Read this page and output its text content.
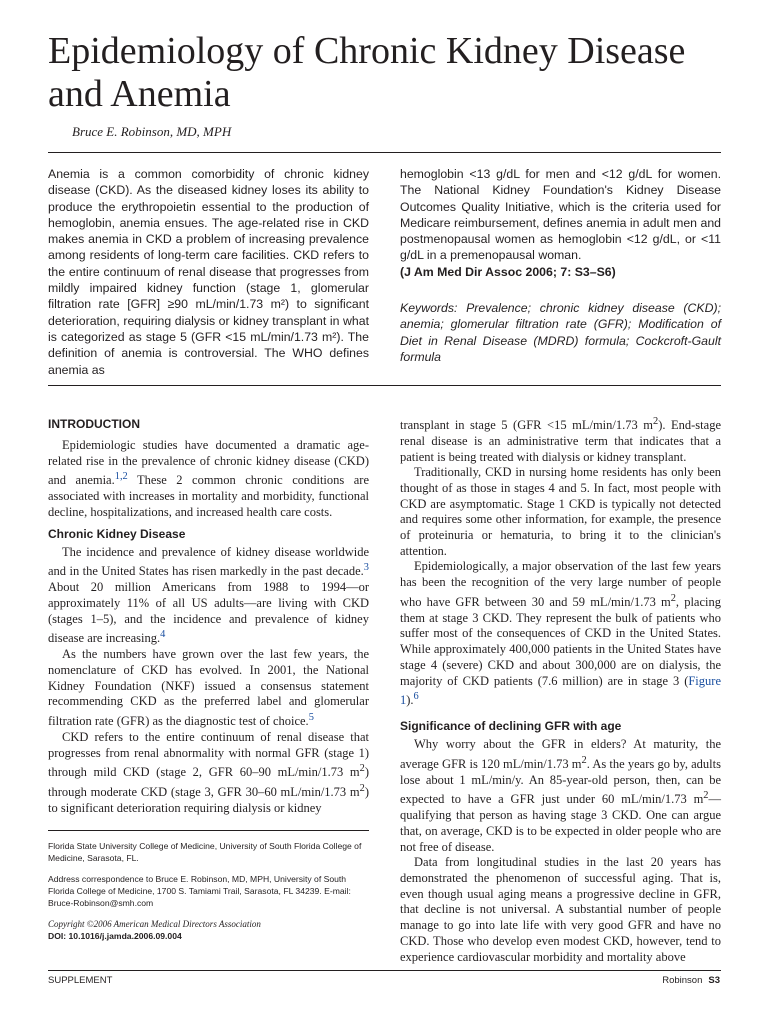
Epidemiology of Chronic Kidney Disease and Anemia
Bruce E. Robinson, MD, MPH

Anemia is a common comorbidity of chronic kidney disease (CKD). As the diseased kidney loses its ability to produce the erythropoietin essential to the production of hemoglobin, anemia ensues. The age-related rise in CKD makes anemia in CKD a problem of increasing prevalence among residents of long-term care facilities. CKD refers to the entire continuum of renal disease that progresses from mildly impaired kidney function (stage 1, glomerular filtration rate [GFR] ≥90 mL/min/1.73 m²) to significant deterioration, requiring dialysis or kidney transplant in what is categorized as stage 5 (GFR <15 mL/min/1.73 m²). The definition of anemia is controversial. The WHO defines anemia as

hemoglobin <13 g/dL for men and <12 g/dL for women. The National Kidney Foundation's Kidney Disease Outcomes Quality Initiative, which is the criteria used for Medicare reimbursement, defines anemia in adult men and postmenopausal women as hemoglobin <12 g/dL, or <11 g/dL in a premenopausal woman.
(J Am Med Dir Assoc 2006; 7: S3–S6)

Keywords: Prevalence; chronic kidney disease (CKD); anemia; glomerular filtration rate (GFR); Modification of Diet in Renal Disease (MDRD) formula; Cockcroft-Gault formula

INTRODUCTION

Epidemiologic studies have documented a dramatic age-related rise in the prevalence of chronic kidney disease (CKD) and anemia.$^{1,2}$ These 2 common chronic conditions are associated with increases in mortality and morbidity, functional decline, hospitalizations, and increased health care costs.

Chronic Kidney Disease

The incidence and prevalence of kidney disease worldwide and in the United States has risen markedly in the past decade.$^3$ About 20 million Americans from 1988 to 1994—or approximately 11% of all US adults—are living with CKD (stages 1–5), and the incidence and prevalence of kidney disease are increasing.$^4$

As the numbers have grown over the last few years, the nomenclature of CKD has evolved. In 2001, the National Kidney Foundation (NKF) issued a consensus statement recommending CKD as the preferred label and glomerular filtration rate (GFR) as the diagnostic test of choice.$^5$

CKD refers to the entire continuum of renal disease that progresses from renal abnormality with normal GFR (stage 1) through mild CKD (stage 2, GFR 60–90 mL/min/1.73 $m^2$) through moderate CKD (stage 3, GFR 30–60 mL/min/1.73 $m^2$) to significant deterioration requiring dialysis or kidney

Florida State University College of Medicine, University of South Florida College of Medicine, Sarasota, FL.

Address correspondence to Bruce E. Robinson, MD, MPH, University of South Florida College of Medicine, 1700 S. Tamiami Trail, Sarasota, FL 34239. E-mail: Bruce-Robinson@smh.com

Copyright ©2006 American Medical Directors Association

DOI: 10.1016/j.jamda.2006.09.004

transplant in stage 5 (GFR <15 mL/min/1.73 $m^2$). End-stage renal disease is an administrative term that indicates that a patient is being treated with dialysis or kidney transplant.

Traditionally, CKD in nursing home residents has only been thought of as those in stages 4 and 5. In fact, most people with CKD are asymptomatic. Stage 1 CKD is typically not detected and requires some other information, for example, the presence of proteinuria or hematuria, to bring it to the clinician's attention.

Epidemiologically, a major observation of the last few years has been the recognition of the very large number of people who have GFR between 30 and 59 mL/min/1.73 $m^2$, placing them at stage 3 CKD. They represent the bulk of patients who suffer most of the consequences of CKD in the United States. While approximately 400,000 patients in the United States have stage 4 (severe) CKD and about 300,000 are on dialysis, the majority of CKD patients (7.6 million) are in stage 3 (Figure 1).$^6$

Significance of declining GFR with age

Why worry about the GFR in elders? At maturity, the average GFR is 120 mL/min/1.73 $m^2$. As the years go by, adults lose about 1 mL/min/y. An 85-year-old person, then, can be expected to have a GFR just under 60 mL/min/1.73 $m^2—qualifying$ that person as having stage 3 CKD. One can argue that, on average, CKD is to be expected in older people who are not free of disease.

Data from longitudinal studies in the last 20 years has demonstrated the phenomenon of successful aging. That is, even though usual aging means a progressive decline in GFR, that decline is not universal. A substantial number of people manage to go into late life with very good GFR and have no CKD. Those who develop even modest CKD, however, tend to experience cardiovascular morbidity and mortality above

SUPPLEMENT	Robinson S3
